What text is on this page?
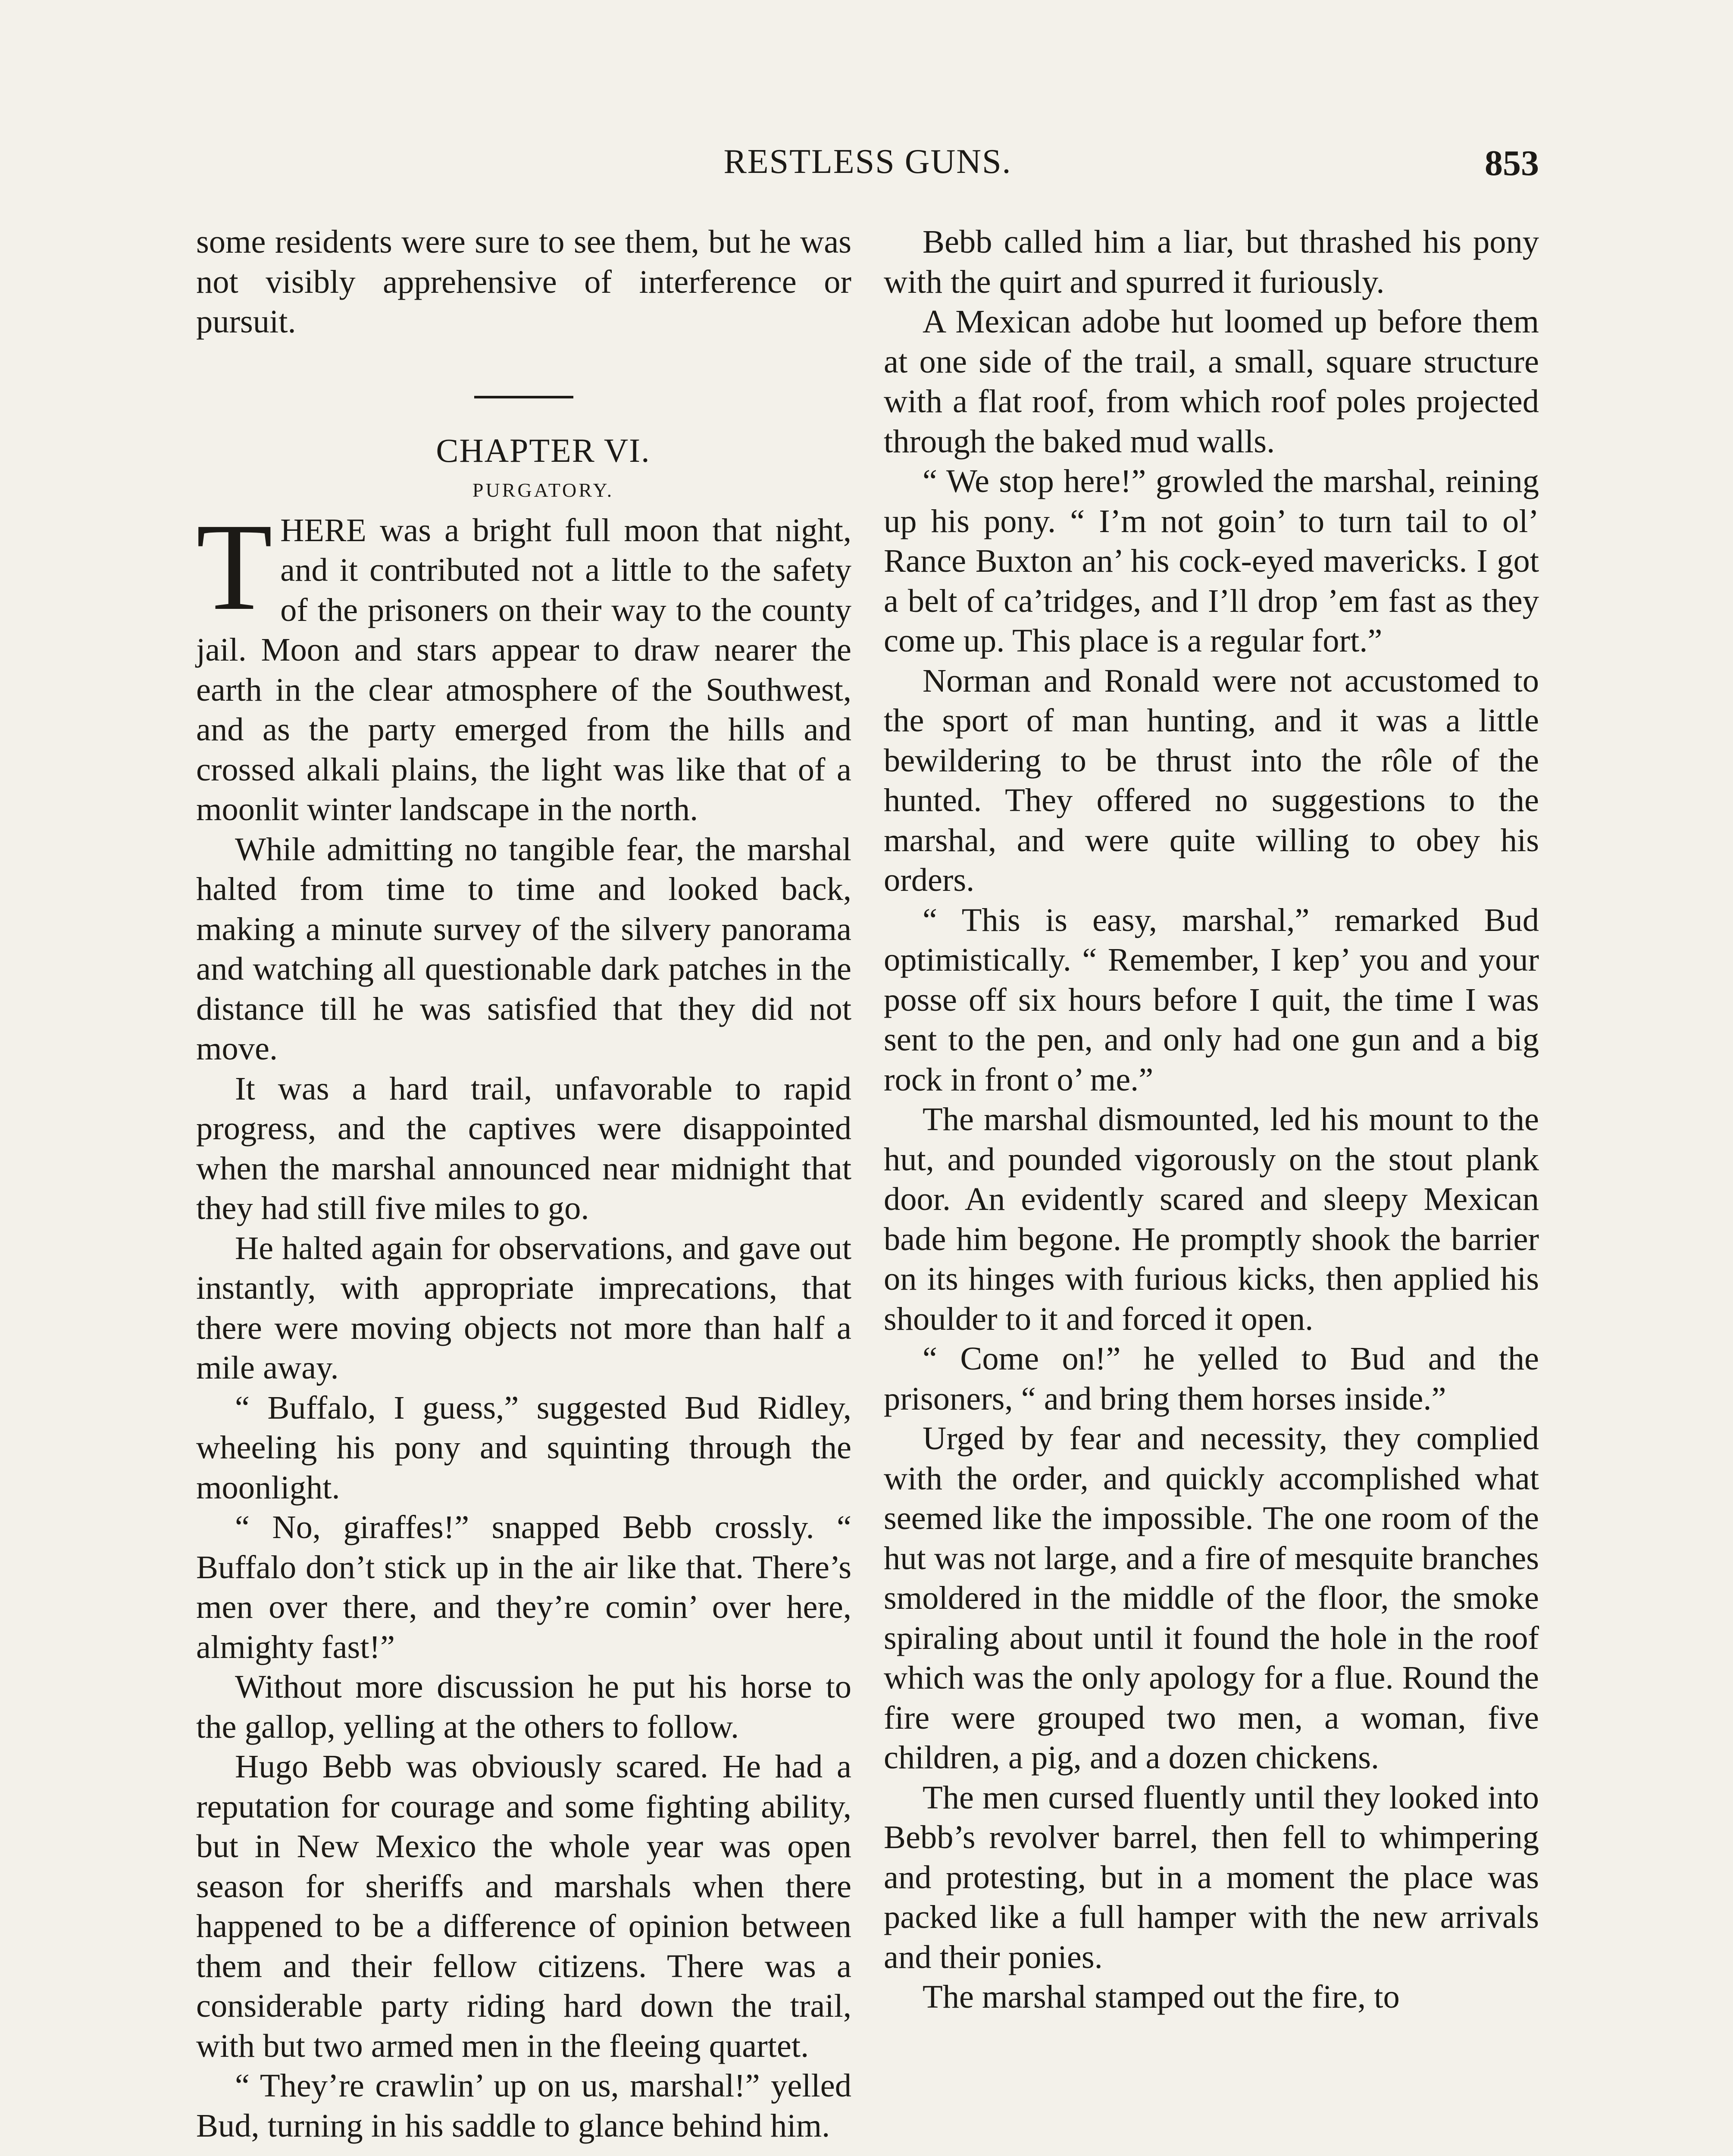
RESTLESS GUNS.	853

some residents were sure to see them, but he was not visibly apprehensive of interference or pursuit.

CHAPTER VI.

PURGATORY.

THERE was a bright full moon that night, and it contributed not a little to the safety of the prisoners on their way to the county jail. Moon and stars appear to draw nearer the earth in the clear atmosphere of the Southwest, and as the party emerged from the hills and crossed alkali plains, the light was like that of a moonlit winter landscape in the north.

While admitting no tangible fear, the marshal halted from time to time and looked back, making a minute survey of the silvery panorama and watching all questionable dark patches in the distance till he was satisfied that they did not move.

It was a hard trail, unfavorable to rapid progress, and the captives were disappointed when the marshal announced near midnight that they had still five miles to go.

He halted again for observations, and gave out instantly, with appropriate imprecations, that there were moving objects not more than half a mile away.

“ Buffalo, I guess,” suggested Bud Ridley, wheeling his pony and squinting through the moonlight.

“ No, giraffes!” snapped Bebb crossly. “ Buffalo don’t stick up in the air like that. There’s men over there, and they’re comin’ over here, almighty fast!”

Without more discussion he put his horse to the gallop, yelling at the others to follow.

Hugo Bebb was obviously scared. He had a reputation for courage and some fighting ability, but in New Mexico the whole year was open season for sheriffs and marshals when there happened to be a difference of opinion between them and their fellow citizens. There was a considerable party riding hard down the trail, with but two armed men in the fleeing quartet.

“ They’re crawlin’ up on us, marshal!” yelled Bud, turning in his saddle to glance behind him.

Bebb called him a liar, but thrashed his pony with the quirt and spurred it furiously.

A Mexican adobe hut loomed up before them at one side of the trail, a small, square structure with a flat roof, from which roof poles projected through the baked mud walls.

“ We stop here!” growled the marshal, reining up his pony. “ I’m not goin’ to turn tail to ol’ Rance Buxton an’ his cock-eyed mavericks. I got a belt of ca’tridges, and I’ll drop ’em fast as they come up. This place is a regular fort.”

Norman and Ronald were not accustomed to the sport of man hunting, and it was a little bewildering to be thrust into the rôle of the hunted. They offered no suggestions to the marshal, and were quite willing to obey his orders.

“ This is easy, marshal,” remarked Bud optimistically. “ Remember, I kep’ you and your posse off six hours before I quit, the time I was sent to the pen, and only had one gun and a big rock in front o’ me.”

The marshal dismounted, led his mount to the hut, and pounded vigorously on the stout plank door. An evidently scared and sleepy Mexican bade him begone. He promptly shook the barrier on its hinges with furious kicks, then applied his shoulder to it and forced it open.

“ Come on!” he yelled to Bud and the prisoners, “ and bring them horses inside.”

Urged by fear and necessity, they complied with the order, and quickly accomplished what seemed like the impossible. The one room of the hut was not large, and a fire of mesquite branches smoldered in the middle of the floor, the smoke spiraling about until it found the hole in the roof which was the only apology for a flue. Round the fire were grouped two men, a woman, five children, a pig, and a dozen chickens.

The men cursed fluently until they looked into Bebb’s revolver barrel, then fell to whimpering and protesting, but in a moment the place was packed like a full hamper with the new arrivals and their ponies.

The marshal stamped out the fire, to
